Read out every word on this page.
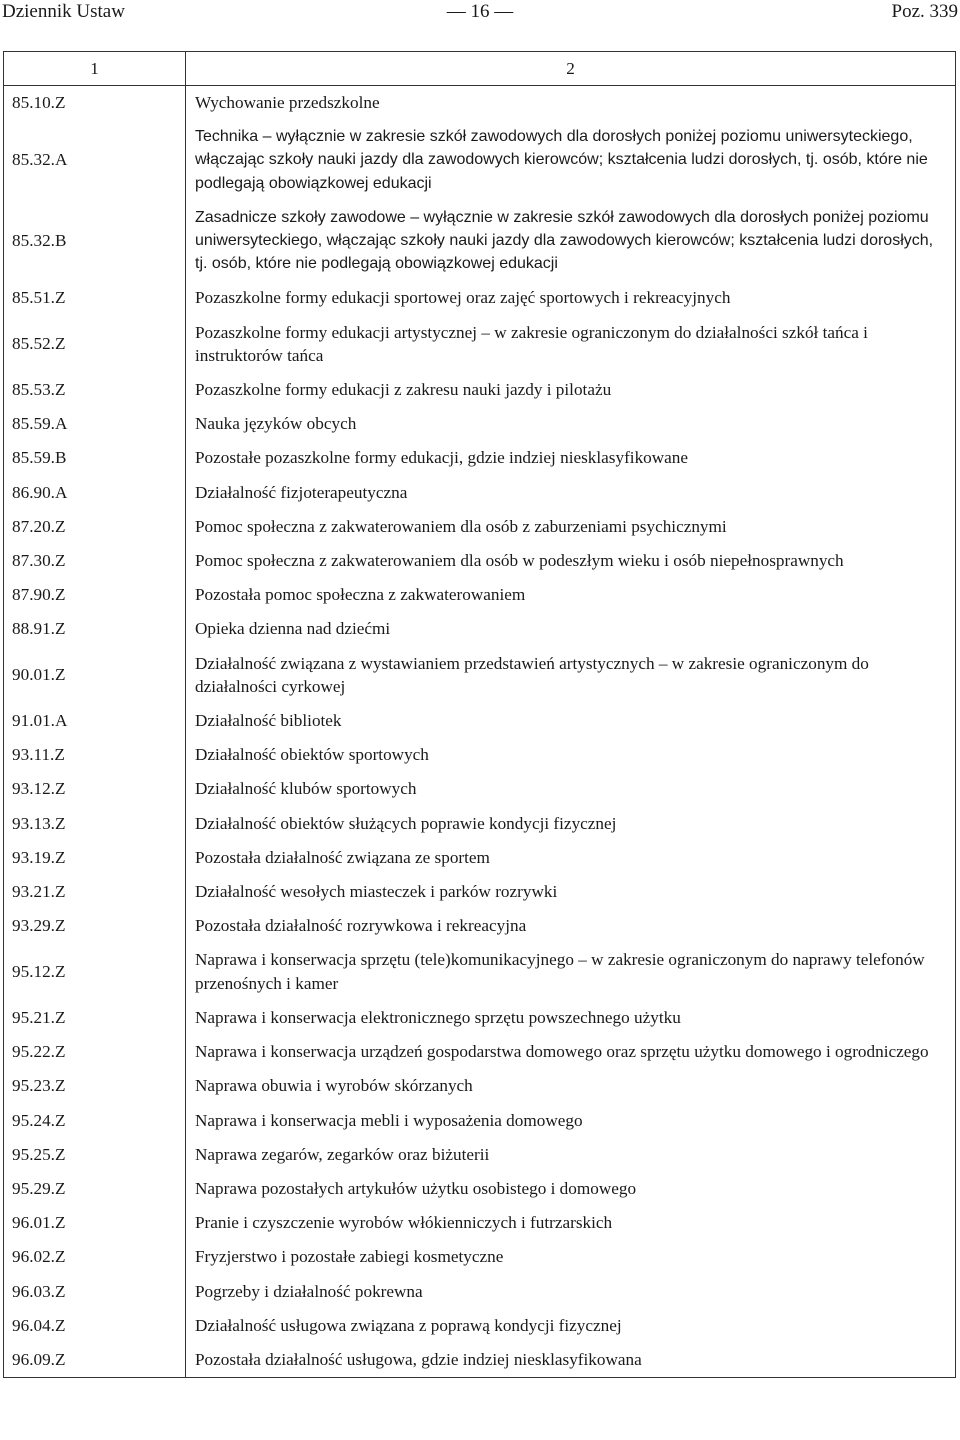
Dziennik Ustaw	— 16 —	Poz. 339
1	2
85.10.Z	Wychowanie przedszkolne
85.32.A	Technika – wyłącznie w zakresie szkół zawodowych dla dorosłych poniżej poziomu uniwersyteckiego, włączając szkoły nauki jazdy dla zawodowych kierowców; kształcenia ludzi dorosłych, tj. osób, które nie podlegają obowiązkowej edukacji
85.32.B	Zasadnicze szkoły zawodowe – wyłącznie w zakresie szkół zawodowych dla dorosłych poniżej poziomu uniwersyteckiego, włączając szkoły nauki jazdy dla zawodowych kierowców; kształcenia ludzi dorosłych, tj. osób, które nie podlegają obowiązkowej edukacji
85.51.Z	Pozaszkolne formy edukacji sportowej oraz zajęć sportowych i rekreacyjnych
85.52.Z	Pozaszkolne formy edukacji artystycznej – w zakresie ograniczonym do działalności szkół tańca i instruktorów tańca
85.53.Z	Pozaszkolne formy edukacji z zakresu nauki jazdy i pilotażu
85.59.A	Nauka języków obcych
85.59.B	Pozostałe pozaszkolne formy edukacji, gdzie indziej niesklasyfikowane
86.90.A	Działalność fizjoterapeutyczna
87.20.Z	Pomoc społeczna z zakwaterowaniem dla osób z zaburzeniami psychicznymi
87.30.Z	Pomoc społeczna z zakwaterowaniem dla osób w podeszłym wieku i osób niepełnosprawnych
87.90.Z	Pozostała pomoc społeczna z zakwaterowaniem
88.91.Z	Opieka dzienna nad dziećmi
90.01.Z	Działalność związana z wystawianiem przedstawień artystycznych – w zakresie ograniczonym do działalności cyrkowej
91.01.A	Działalność bibliotek
93.11.Z	Działalność obiektów sportowych
93.12.Z	Działalność klubów sportowych
93.13.Z	Działalność obiektów służących poprawie kondycji fizycznej
93.19.Z	Pozostała działalność związana ze sportem
93.21.Z	Działalność wesołych miasteczek i parków rozrywki
93.29.Z	Pozostała działalność rozrywkowa i rekreacyjna
95.12.Z	Naprawa i konserwacja sprzętu (tele)komunikacyjnego – w zakresie ograniczonym do naprawy telefonów przenośnych i kamer
95.21.Z	Naprawa i konserwacja elektronicznego sprzętu powszechnego użytku
95.22.Z	Naprawa i konserwacja urządzeń gospodarstwa domowego oraz sprzętu użytku domowego i ogrodniczego
95.23.Z	Naprawa obuwia i wyrobów skórzanych
95.24.Z	Naprawa i konserwacja mebli i wyposażenia domowego
95.25.Z	Naprawa zegarów, zegarków oraz biżuterii
95.29.Z	Naprawa pozostałych artykułów użytku osobistego i domowego
96.01.Z	Pranie i czyszczenie wyrobów włókienniczych i futrzarskich
96.02.Z	Fryzjerstwo i pozostałe zabiegi kosmetyczne
96.03.Z	Pogrzeby i działalność pokrewna
96.04.Z	Działalność usługowa związana z poprawą kondycji fizycznej
96.09.Z	Pozostała działalność usługowa, gdzie indziej niesklasyfikowana
